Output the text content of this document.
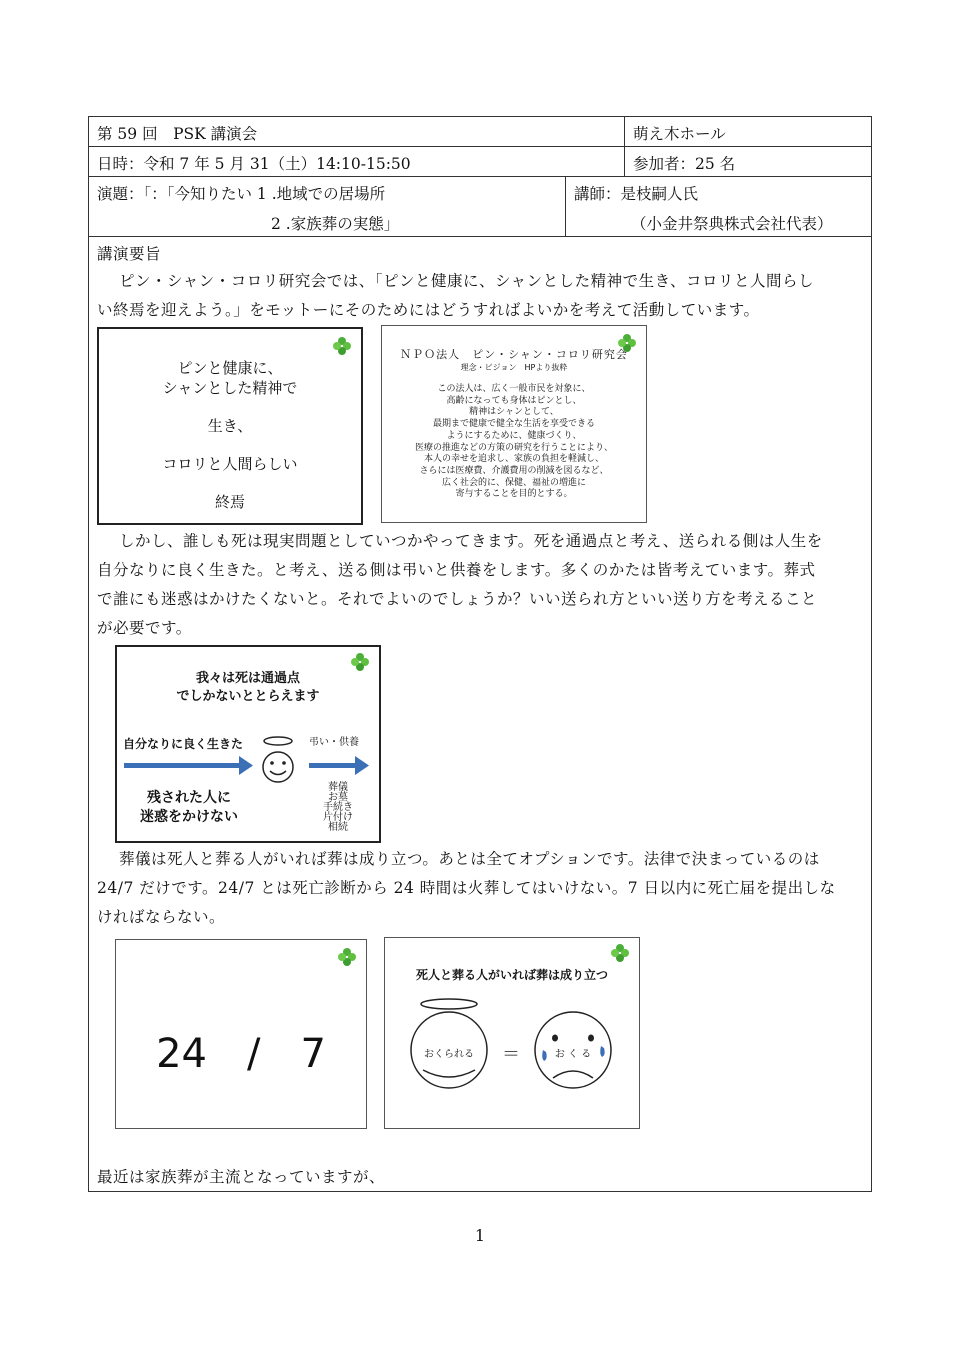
第 59 回　PSK 講演会	萌え木ホール
日時：令和 7 年 5 月 31（土）14:10-15:50	参加者：25 名
演題：「：「今知りたい 1 .地域での居場所
2 .家族葬の実態」
講師：是枝嗣人氏
（小金井祭典株式会社代表）
講演要旨
ピン・シャン・コロリ研究会では、「ピンと健康に、シャンとした精神で生き、コロリと人間らし
い終焉を迎えよう。」をモットーにそのためにはどうすればよいかを考えて活動しています。
ピンと健康に、
シャンとした精神で
生き、
コロリと人間らしい
終焉
ＮＰＯ法人　ピン・シャン・コロリ研究会
理念・ビジョン　HPより抜粋
この法人は、広く一般市民を対象に、
高齢になっても身体はピンとし、
精神はシャンとして、
最期まで健康で健全な生活を享受できる
ようにするために、健康づくり、
医療の推進などの方策の研究を行うことにより、
本人の幸せを追求し、家族の負担を軽減し、
さらには医療費、介護費用の削減を図るなど、
広く社会的に、保健、福祉の増進に
寄与することを目的とする。
しかし、誰しも死は現実問題としていつかやってきます。死を通過点と考え、送られる側は人生を
自分なりに良く生きた。と考え、送る側は弔いと供養をします。多くのかたは皆考えています。葬式
で誰にも迷惑はかけたくないと。それでよいのでしょうか？いい送られ方といい送り方を考えること
が必要です。
我々は死は通過点
でしかないととらえます
自分なりに良く生きた	弔い・供養
残された人に
迷惑をかけない
葬儀
お墓
手続き
片付け
相続
葬儀は死人と葬る人がいれば葬は成り立つ。あとは全てオプションです。法律で決まっているのは
24/7 だけです。24/7 とは死亡診断から 24 時間は火葬してはいけない。7 日以内に死亡届を提出しな
ければならない。
24　/　7
死人と葬る人がいれば葬は成り立つ
おくられる	＝	お く る
最近は家族葬が主流となっていますが、
1
